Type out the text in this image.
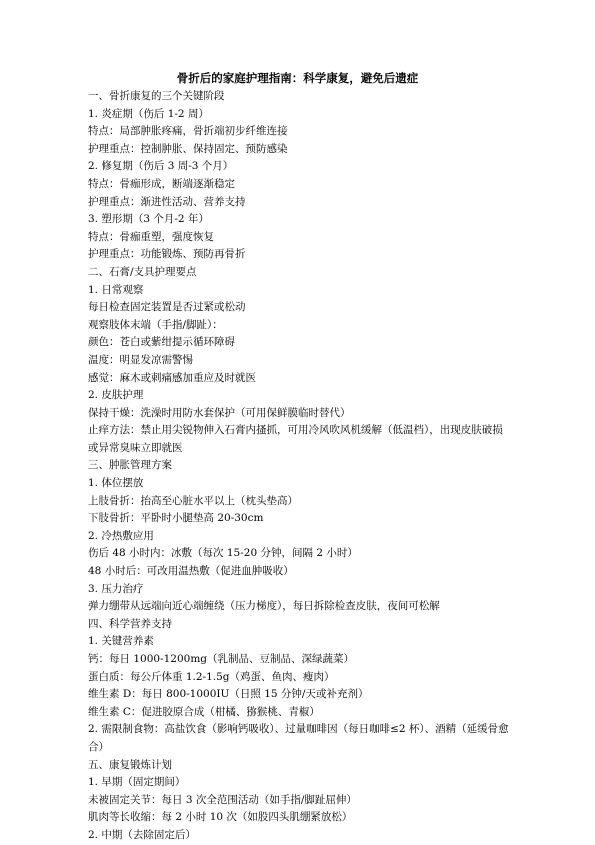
骨折后的家庭护理指南：科学康复，避免后遗症
一、骨折康复的三个关键阶段
1. 炎症期（伤后 1-2 周）
特点：局部肿胀疼痛，骨折端初步纤维连接
护理重点：控制肿胀、保持固定、预防感染
2. 修复期（伤后 3 周-3 个月）
特点：骨痂形成，断端逐渐稳定
护理重点：渐进性活动、营养支持
3. 塑形期（3 个月-2 年）
特点：骨痂重塑，强度恢复
护理重点：功能锻炼、预防再骨折
二、石膏/支具护理要点
1. 日常观察
每日检查固定装置是否过紧或松动
观察肢体末端（手指/脚趾）：
颜色：苍白或紫绀提示循环障碍
温度：明显发凉需警惕
感觉：麻木或刺痛感加重应及时就医
2. 皮肤护理
保持干燥：洗澡时用防水套保护（可用保鲜膜临时替代）
止痒方法：禁止用尖锐物伸入石膏内搔抓，可用冷风吹风机缓解（低温档），出现皮肤破损或异常臭味立即就医
三、肿胀管理方案
1. 体位摆放
上肢骨折：抬高至心脏水平以上（枕头垫高）
下肢骨折：平卧时小腿垫高 20-30cm
2. 冷热敷应用
伤后 48 小时内：冰敷（每次 15-20 分钟，间隔 2 小时）
48 小时后：可改用温热敷（促进血肿吸收）
3. 压力治疗
弹力绷带从远端向近心端缠绕（压力梯度），每日拆除检查皮肤，夜间可松解
四、科学营养支持
1. 关键营养素
钙：每日 1000-1200mg（乳制品、豆制品、深绿蔬菜）
蛋白质：每公斤体重 1.2-1.5g（鸡蛋、鱼肉、瘦肉）
维生素 D：每日 800-1000IU（日照 15 分钟/天或补充剂）
维生素 C：促进胶原合成（柑橘、猕猴桃、青椒）
2. 需限制食物：高盐饮食（影响钙吸收）、过量咖啡因（每日咖啡≤2 杯）、酒精（延缓骨愈合）
五、康复锻炼计划
1. 早期（固定期间）
未被固定关节：每日 3 次全范围活动（如手指/脚趾屈伸）
肌肉等长收缩：每 2 小时 10 次（如股四头肌绷紧放松）
2. 中期（去除固定后）
